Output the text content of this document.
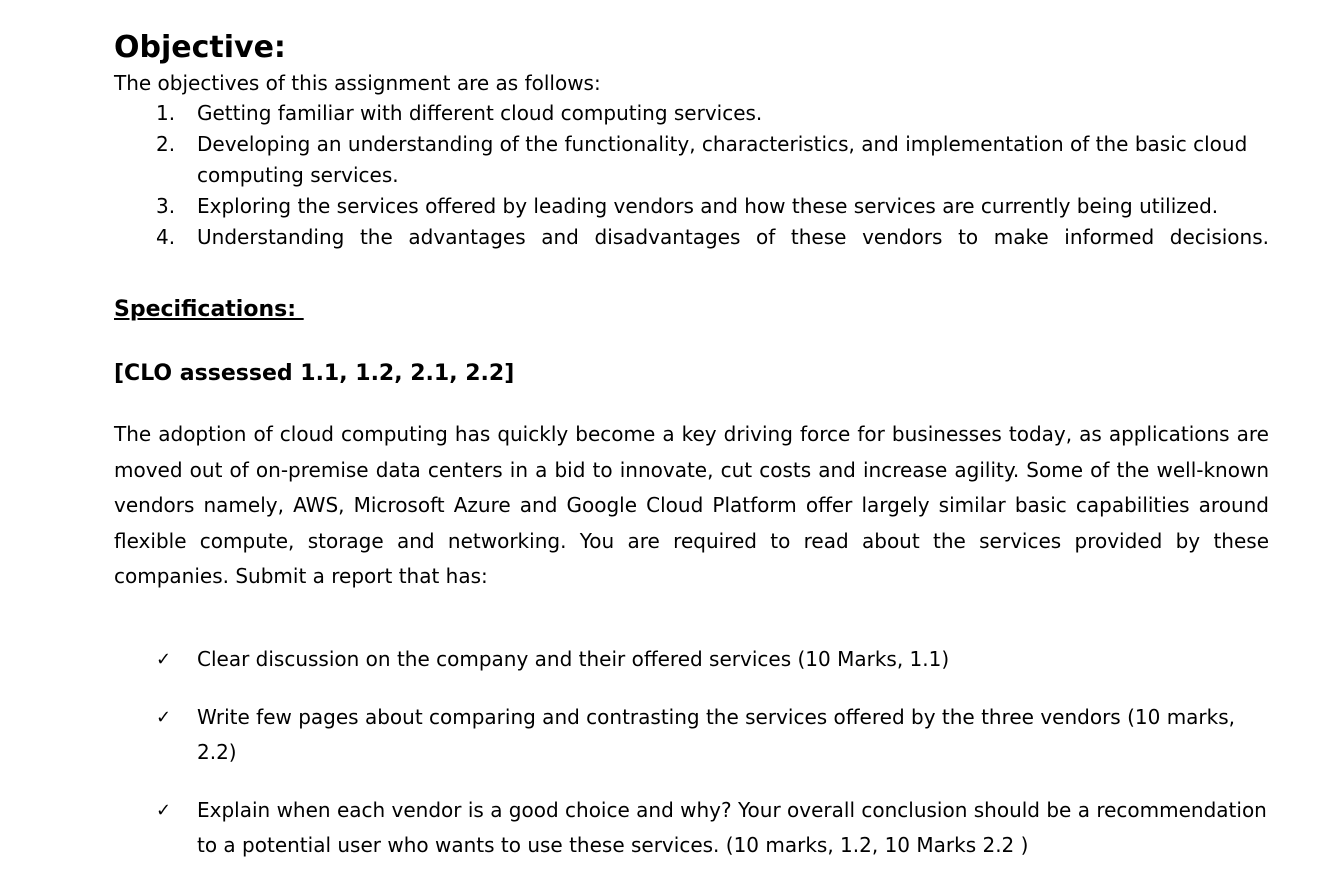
Objective:

The objectives of this assignment are as follows:

1. Getting familiar with different cloud computing services.
2. Developing an understanding of the functionality, characteristics, and implementation of the basic cloud computing services.
3. Exploring the services offered by leading vendors and how these services are currently being utilized.
4. Understanding the advantages and disadvantages of these vendors to make informed decisions.
Specifications:
[CLO assessed 1.1, 1.2, 2.1, 2.2]

The adoption of cloud computing has quickly become a key driving force for businesses today, as applications are moved out of on-premise data centers in a bid to innovate, cut costs and increase agility. Some of the well-known vendors namely, AWS, Microsoft Azure and Google Cloud Platform offer largely similar basic capabilities around flexible compute, storage and networking. You are required to read about the services provided by these companies. Submit a report that has:

✓ Clear discussion on the company and their offered services (10 Marks, 1.1)
✓ Write few pages about comparing and contrasting the services offered by the three vendors (10 marks, 2.2)
✓ Explain when each vendor is a good choice and why? Your overall conclusion should be a recommendation to a potential user who wants to use these services. (10 marks, 1.2, 10 Marks 2.2 )
